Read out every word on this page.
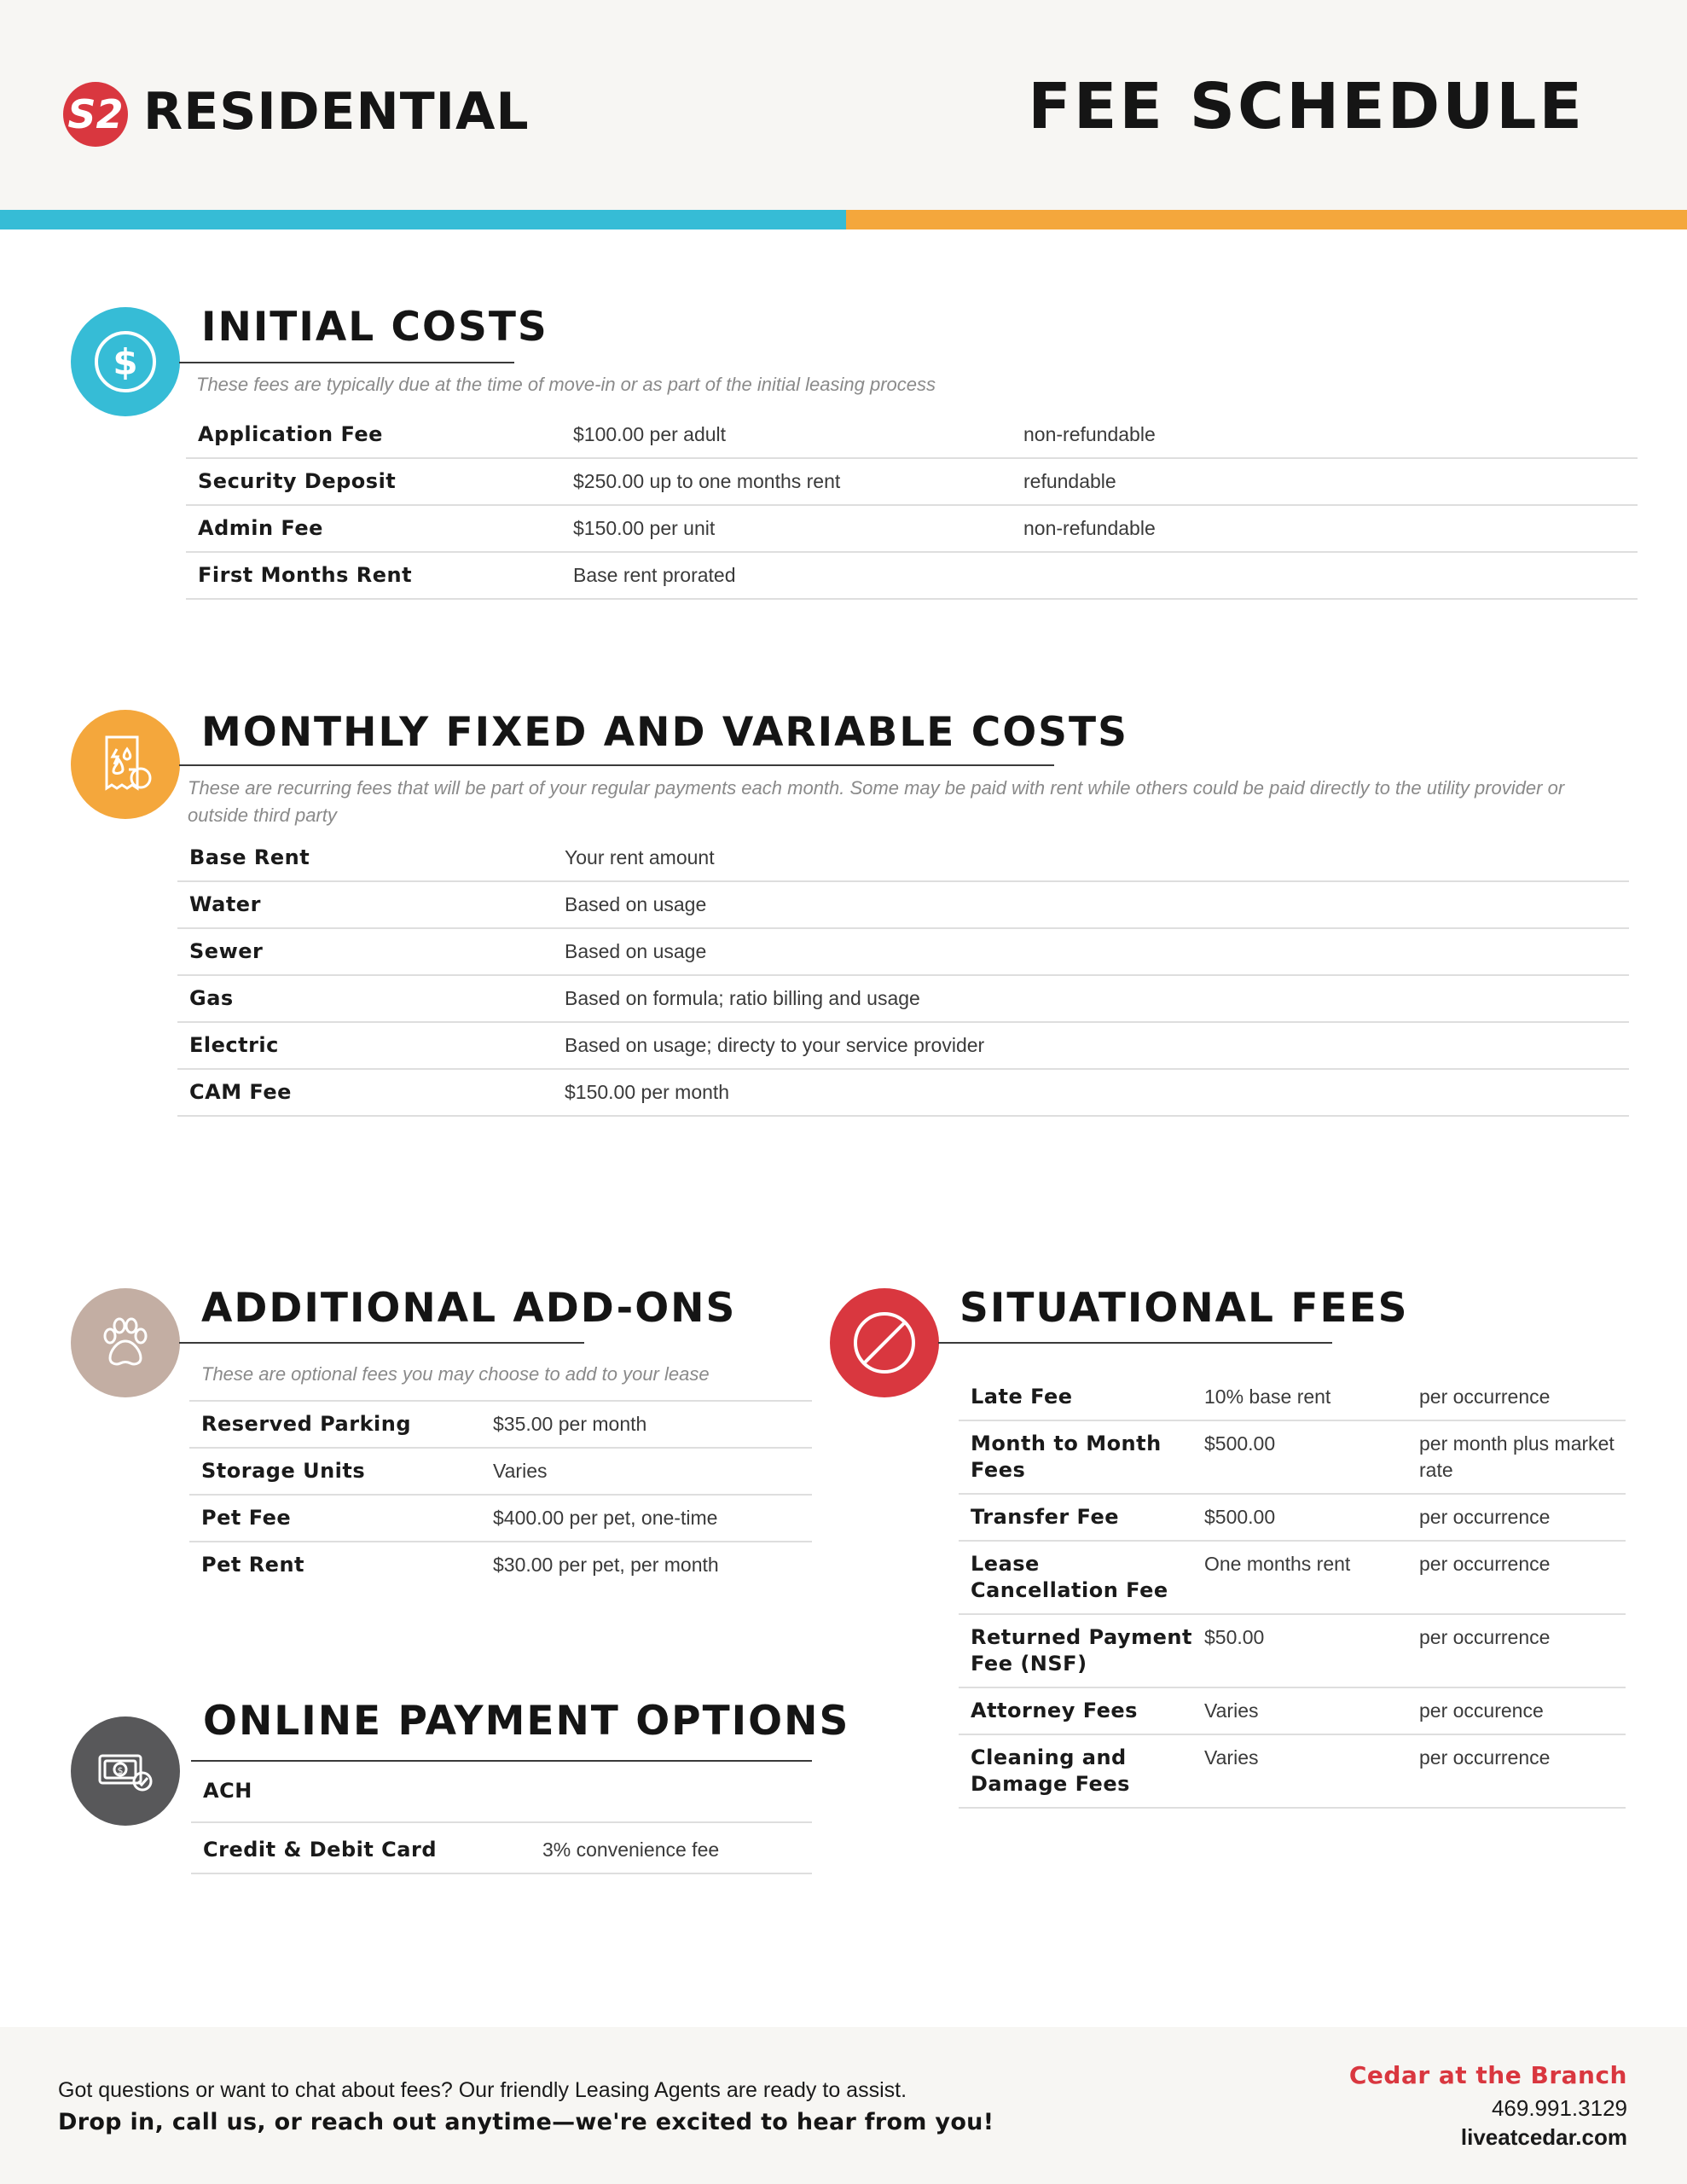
S2 RESIDENTIAL	FEE SCHEDULE
$
INITIAL COSTS
These fees are typically due at the time of move-in or as part of the initial leasing process
Application Fee	$100.00 per adult	non-refundable
Security Deposit	$250.00 up to one months rent	refundable
Admin Fee	$150.00 per unit	non-refundable
First Months Rent	Base rent prorated	
MONTHLY FIXED AND VARIABLE COSTS
These are recurring fees that will be part of your regular payments each month. Some may be paid with rent while others could be paid directly to the utility provider or outside third party
Base Rent	Your rent amount
Water	Based on usage
Sewer	Based on usage
Gas	Based on formula; ratio billing and usage
Electric	Based on usage; directy to your service provider
CAM Fee	$150.00 per month
ADDITIONAL ADD-ONS
These are optional fees you may choose to add to your lease
Reserved Parking	$35.00 per month
Storage Units	Varies
Pet Fee	$400.00 per pet, one-time
Pet Rent	$30.00 per pet, per month
$
ONLINE PAYMENT OPTIONS
ACH	
Credit & Debit Card	3% convenience fee
SITUATIONAL FEES
Late Fee	10% base rent	per occurrence
Month to Month Fees	$500.00	per month plus market rate
Transfer Fee	$500.00	per occurrence
Lease Cancellation Fee	One months rent	per occurrence
Returned Payment Fee (NSF)	$50.00	per occurrence
Attorney Fees	Varies	per occurence
Cleaning and Damage Fees	Varies	per occurrence
Got questions or want to chat about fees? Our friendly Leasing Agents are ready to assist.
Drop in, call us, or reach out anytime—we're excited to hear from you!
Cedar at the Branch
469.991.3129
liveatcedar.com
